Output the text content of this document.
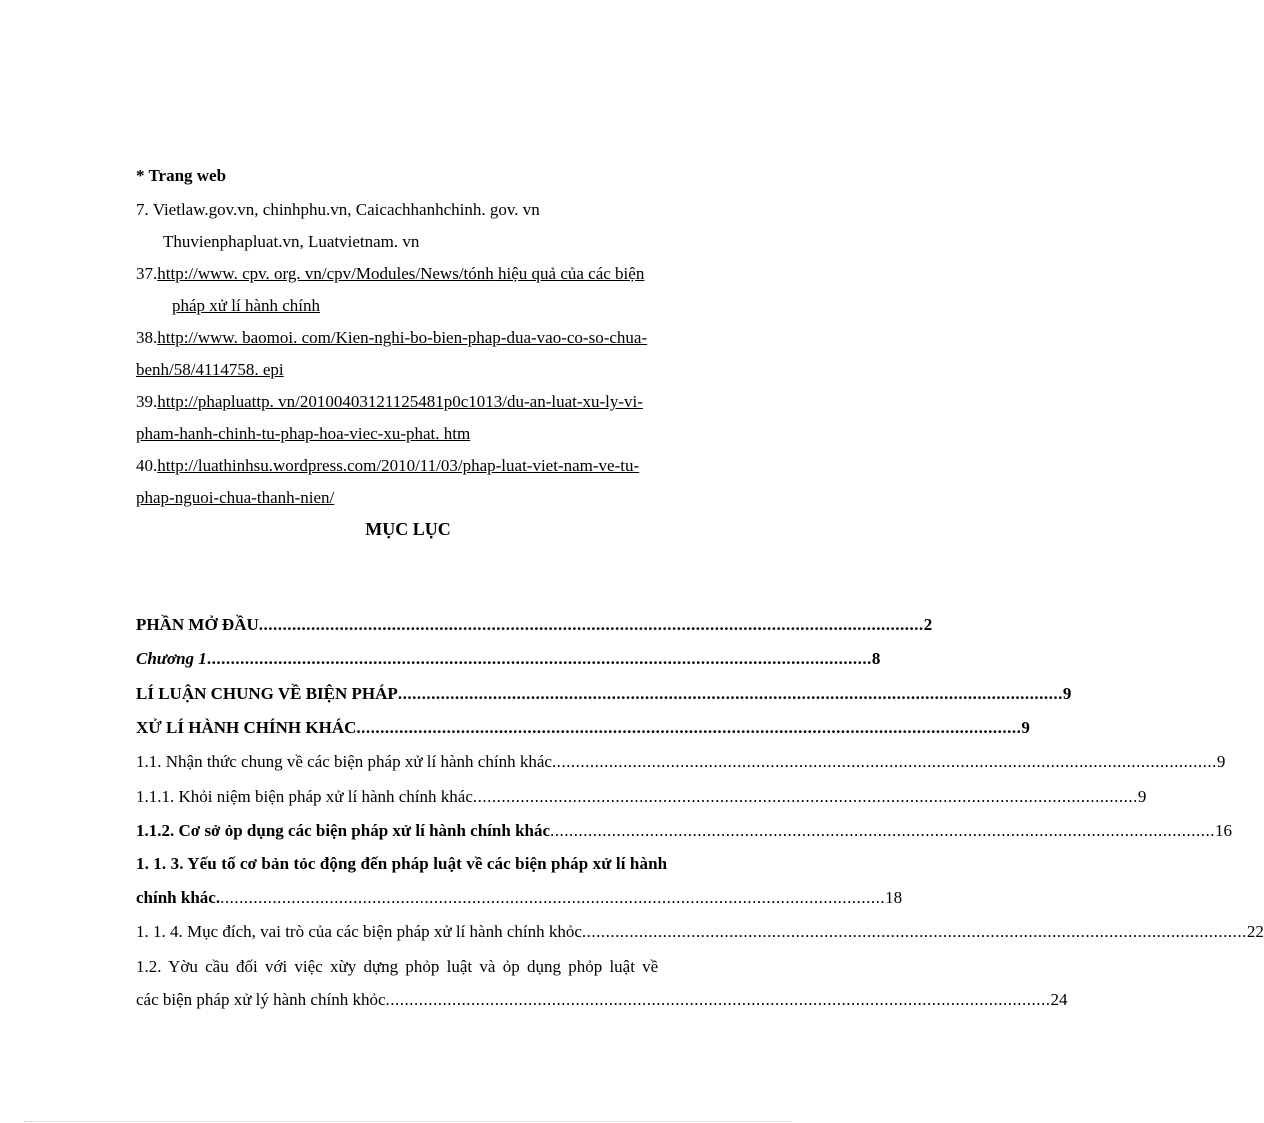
* Trang web
7. Vietlaw.gov.vn, chinhphu.vn, Caicachhanhchinh. gov. vn
Thuvienphapluat.vn, Luatvietnam. vn
37.http://www. cpv. org. vn/cpv/Modules/News/tónh hiệu quả của các biện
pháp xử lí hành chính
38.http://www. baomoi. com/Kien-nghi-bo-bien-phap-dua-vao-co-so-chua-
benh/58/4114758. epi
39.http://phapluattp. vn/20100403121125481p0c1013/du-an-luat-xu-ly-vi-
pham-hanh-chinh-tu-phap-hoa-viec-xu-phat. htm
40.http://luathinhsu.wordpress.com/2010/11/03/phap-luat-viet-nam-ve-tu-
phap-nguoi-chua-thanh-nien/
MỤC LỤC
PHẦN MỞ ĐẦU ............................................................................................................................................ 2
Chương 1 ............................................................................................................................................ 8
LÍ LUẬN CHUNG VỀ BIỆN PHÁP ............................................................................................................................................ 9
XỬ LÍ HÀNH CHÍNH KHÁC ............................................................................................................................................ 9
1.1. Nhận thức chung về các biện pháp xử lí hành chính khác ............................................................................................................................................ 9
1.1.1. Khỏi niệm biện pháp xử lí hành chính khác ............................................................................................................................................ 9
1.1.2. Cơ sở ỏp dụng các biện pháp xử lí hành chính khác ............................................................................................................................................ 16
1. 1. 3. Yếu tố cơ bản tỏc động đến pháp luật về các biện pháp xử lí hành
chính khác. ............................................................................................................................................ 18
1. 1. 4. Mục đích, vai trò của các biện pháp xử lí hành chính khỏc ............................................................................................................................................ 22
1.2. Yờu cầu đối với việc xừy dựng phỏp luật và ỏp dụng phỏp luật về
các biện pháp xử lý hành chính khỏc ............................................................................................................................................ 24
